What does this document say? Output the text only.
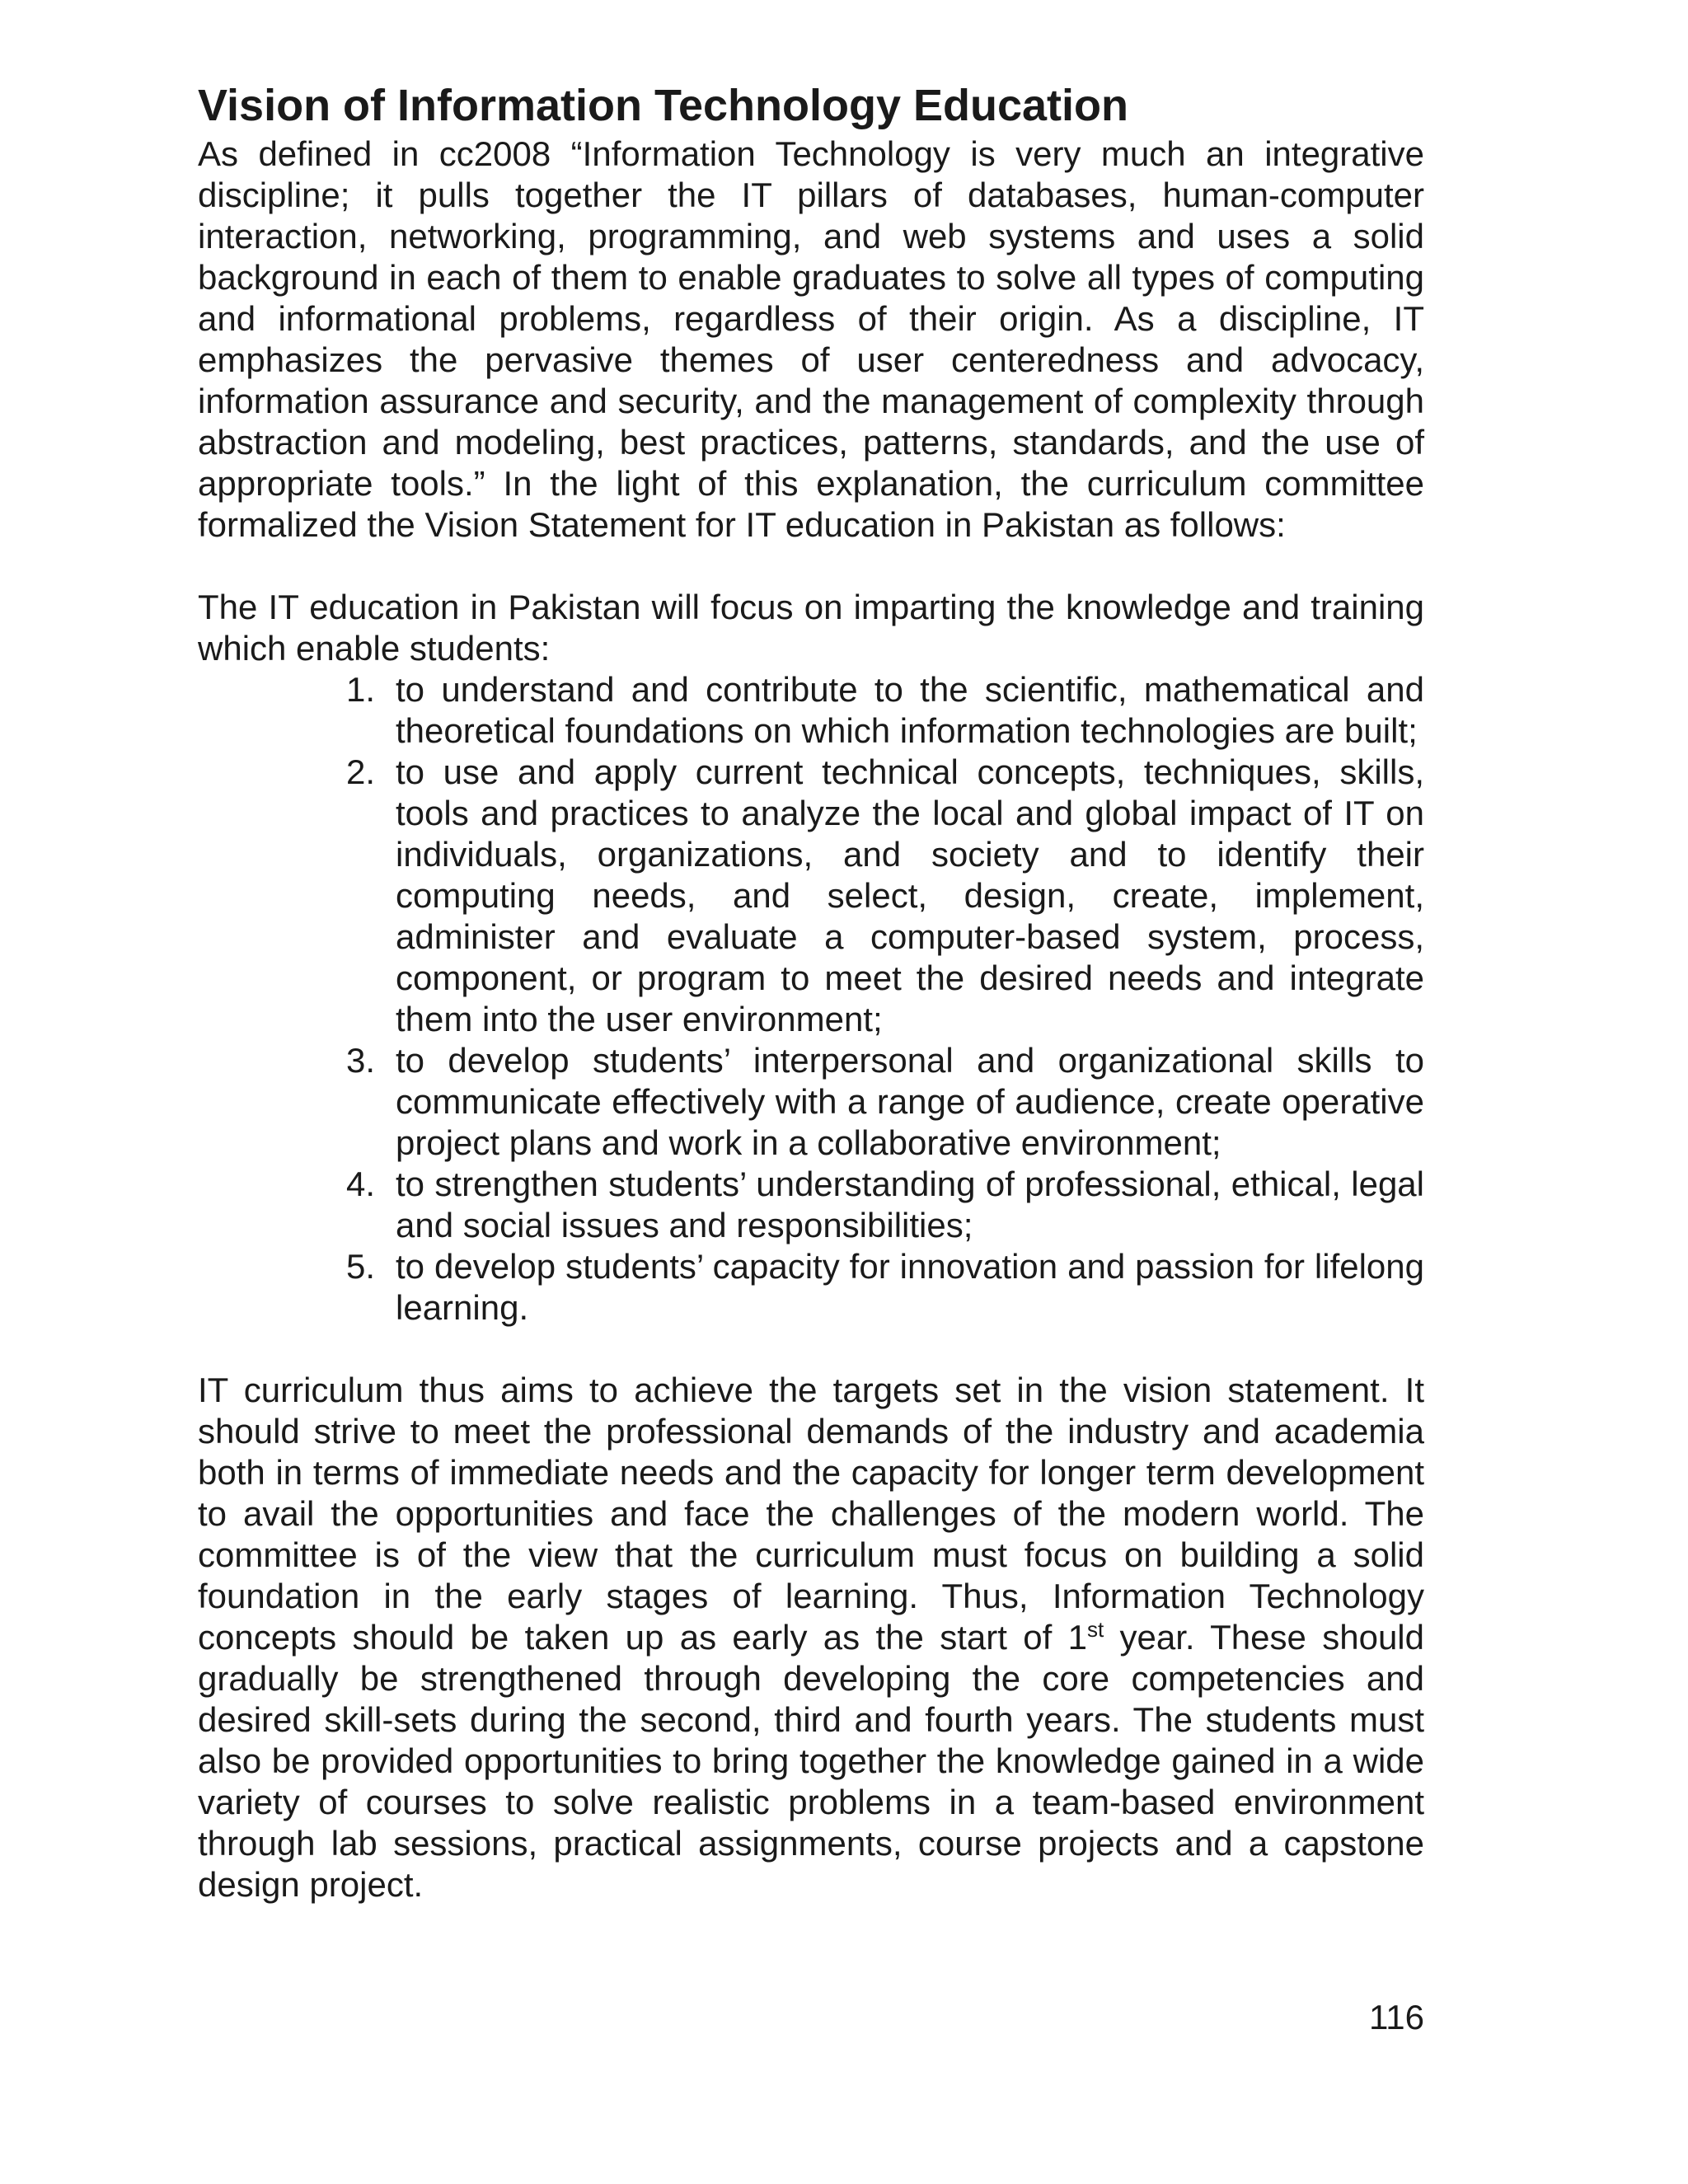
Vision of Information Technology Education

As defined in cc2008 “Information Technology is very much an integrative discipline; it pulls together the IT pillars of databases, human-computer interaction, networking, programming, and web systems and uses a solid background in each of them to enable graduates to solve all types of computing and informational problems, regardless of their origin. As a discipline, IT emphasizes the pervasive themes of user centeredness and advocacy, information assurance and security, and the management of complexity through abstraction and modeling, best practices, patterns, standards, and the use of appropriate tools.” In the light of this explanation, the curriculum committee formalized the Vision Statement for IT education in Pakistan as follows:

The IT education in Pakistan will focus on imparting the knowledge and training which enable students:

1. to understand and contribute to the scientific, mathematical and theoretical foundations on which information technologies are built;
2. to use and apply current technical concepts, techniques, skills, tools and practices to analyze the local and global impact of IT on individuals, organizations, and society and to identify their computing needs, and select, design, create, implement, administer and evaluate a computer-based system, process, component, or program to meet the desired needs and integrate them into the user environment;
3. to develop students’ interpersonal and organizational skills to communicate effectively with a range of audience, create operative project plans and work in a collaborative environment;
4. to strengthen students’ understanding of professional, ethical, legal and social issues and responsibilities;
5. to develop students’ capacity for innovation and passion for lifelong learning.

IT curriculum thus aims to achieve the targets set in the vision statement. It should strive to meet the professional demands of the industry and academia both in terms of immediate needs and the capacity for longer term development to avail the opportunities and face the challenges of the modern world. The committee is of the view that the curriculum must focus on building a solid foundation in the early stages of learning. Thus, Information Technology concepts should be taken up as early as the start of 1st year. These should gradually be strengthened through developing the core competencies and desired skill-sets during the second, third and fourth years. The students must also be provided opportunities to bring together the knowledge gained in a wide variety of courses to solve realistic problems in a team-based environment through lab sessions, practical assignments, course projects and a capstone design project.

116
